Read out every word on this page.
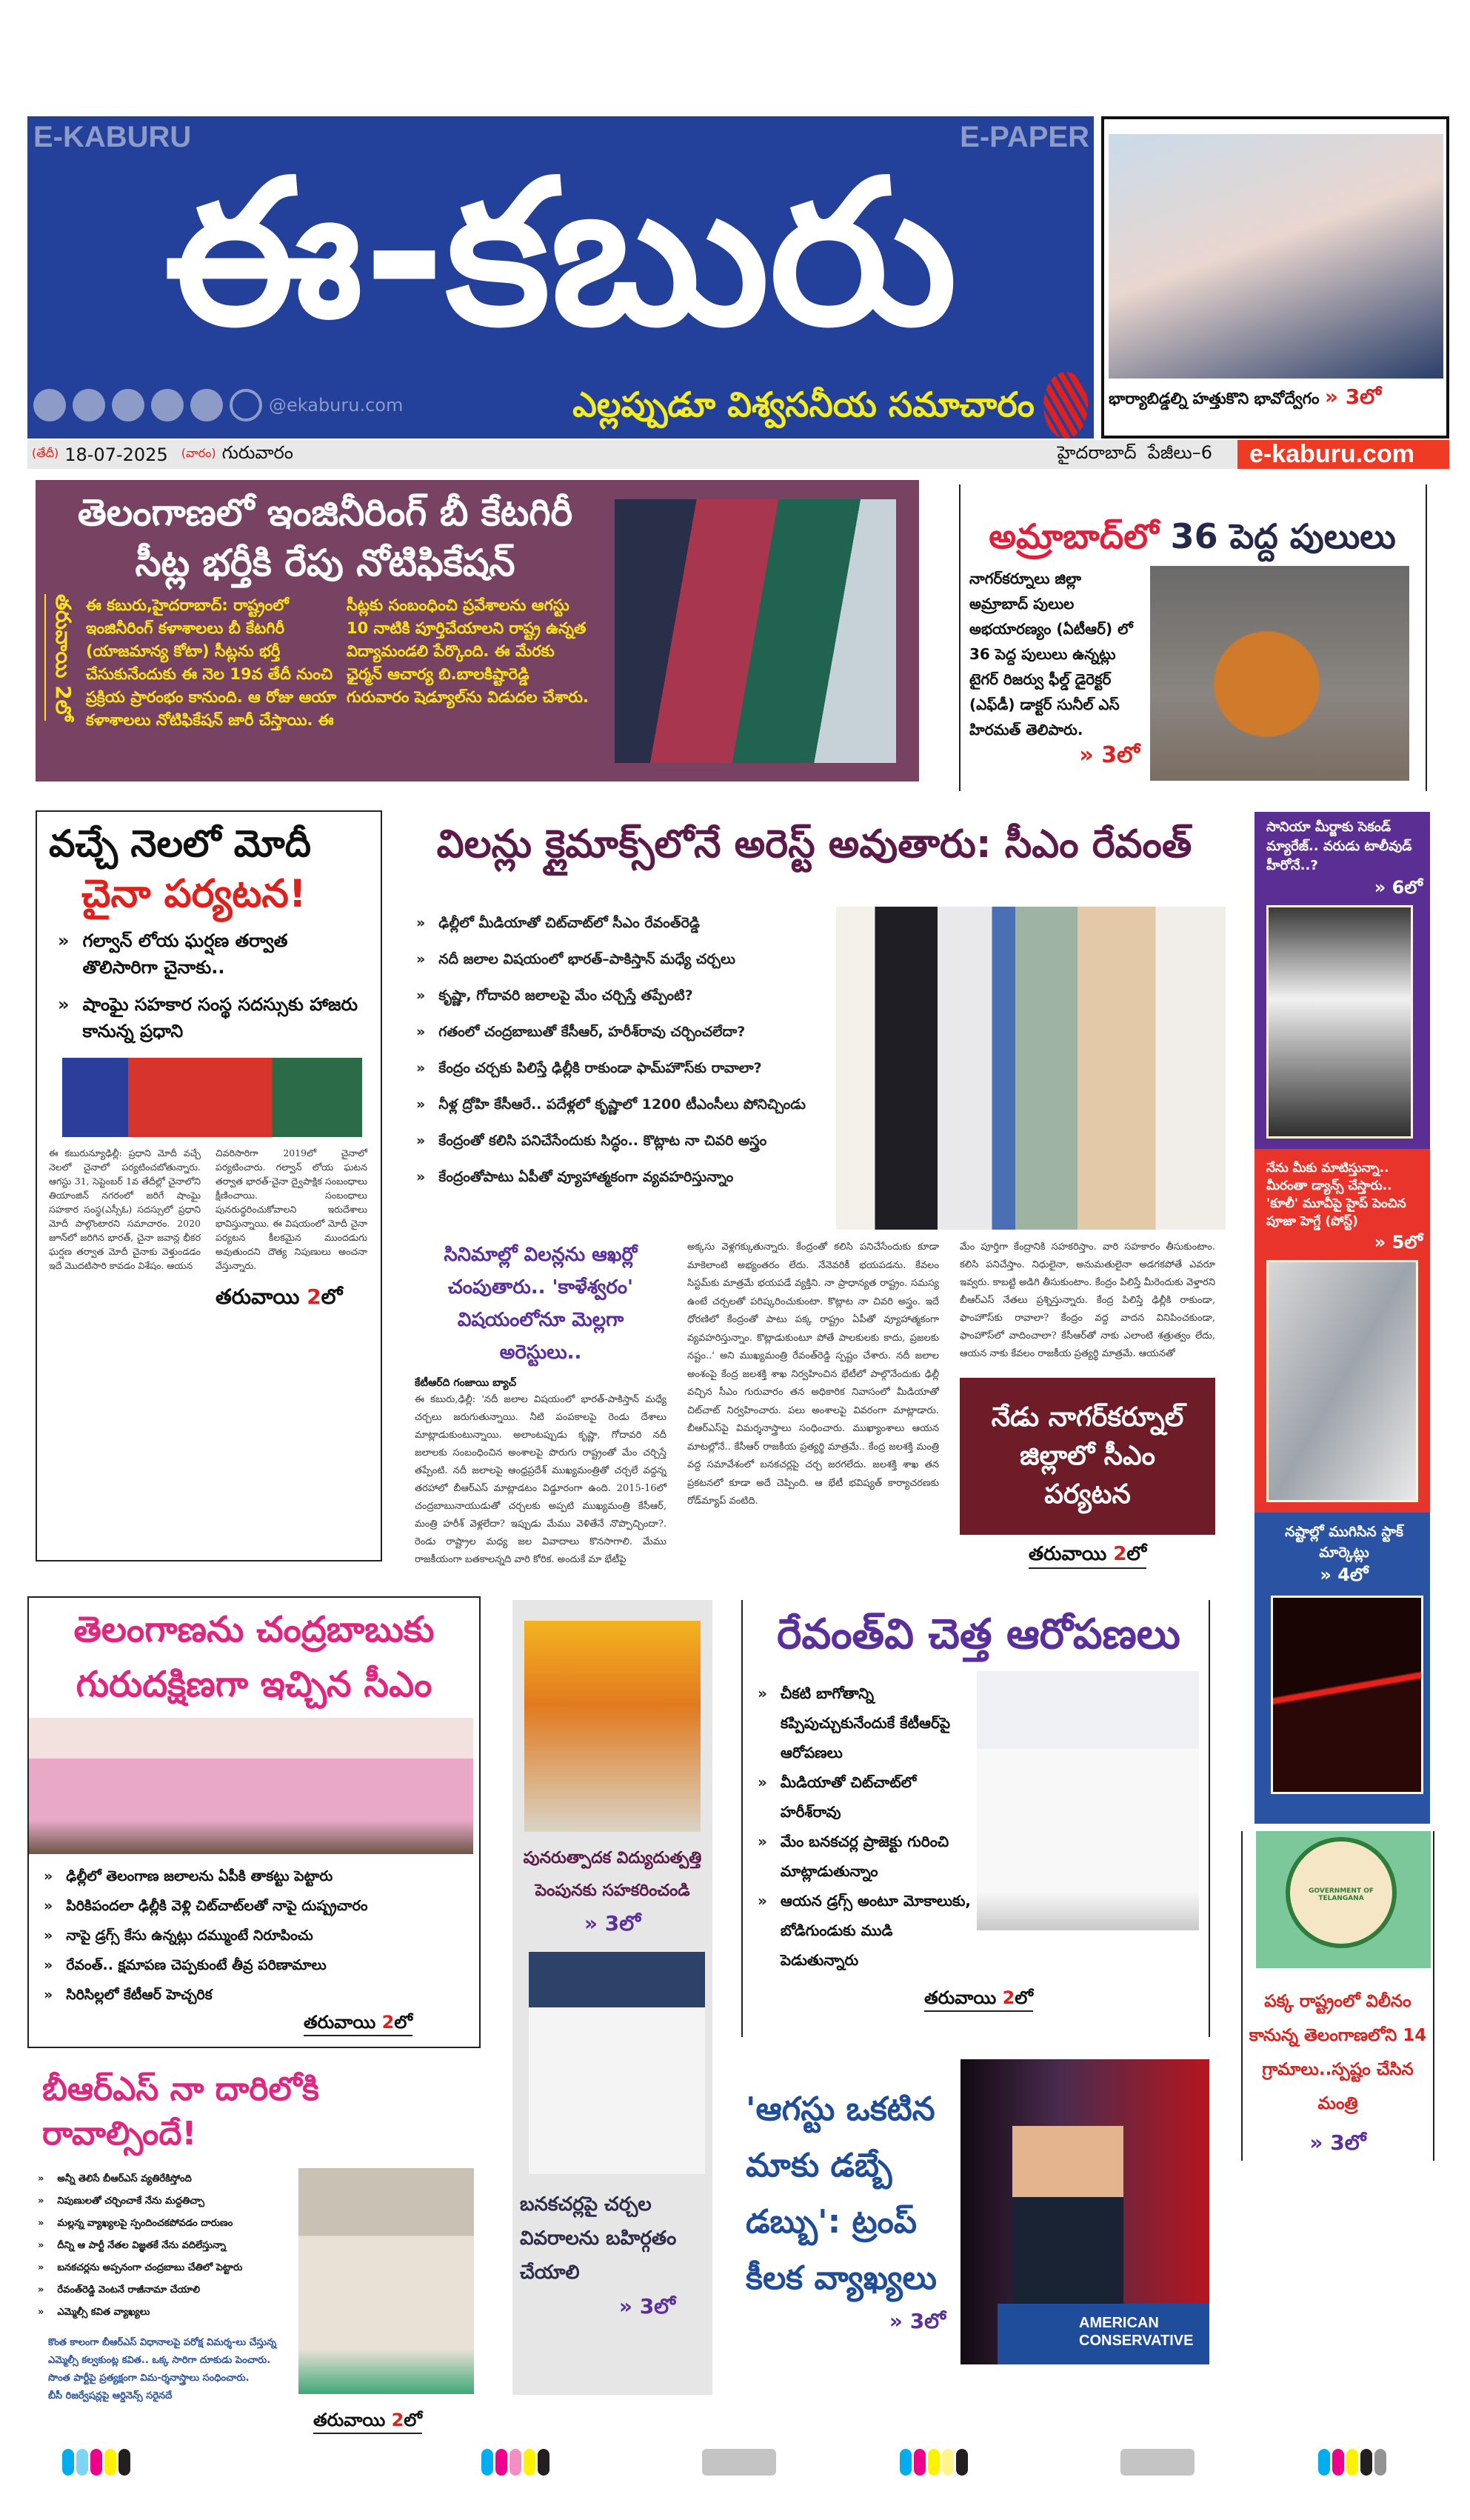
E-KABURU	E-PAPER
ఈ-కబురు
@ekaburu.com	ఎల్లప్పుడూ విశ్వసనీయ సమాచారం	భార్యాబిడ్డల్ని హత్తుకొని భావోద్వేగం » 3లో
(తేదీ) 18-07-2025 (వారం) గురువారం	హైదరాబాద్  పేజీలు–6	e-kaburu.com
తెలంగాణలో ఇంజినీరింగ్ బీ కేటగిరీ
సీట్ల భర్తీకి రేపు నోటిఫికేషన్
తరువాయి 2లో ఈ కబురు,హైదరాబాద్: రాష్ట్రంలో ఇంజినీరింగ్ కళాశాలలు బీ కేటగిరీ (యాజమాన్య కోటా) సీట్లను భర్తీ చేసుకునేందుకు ఈ నెల 19వ తేదీ నుంచి ప్రక్రియ ప్రారంభం కానుంది. ఆ రోజు ఆయా కళాశాలలు నోటిఫికేషన్ జారీ చేస్తాయి. ఈ
సీట్లకు సంబంధించి ప్రవేశాలను ఆగస్టు 10 నాటికి పూర్తిచేయాలని రాష్ట్ర ఉన్నత విద్యామండలి పేర్కొంది. ఈ మేరకు ఛైర్మన్ ఆచార్య బి.బాలకిష్టారెడ్డి గురువారం షెడ్యూల్‌ను విడుదల చేశారు.
అమ్రాబాద్‌లో 36 పెద్ద పులులు
నాగర్‌కర్నూలు జిల్లా అమ్రాబాద్ పులుల అభయారణ్యం (ఏటీఆర్) లో 36 పెద్ద పులులు ఉన్నట్లు టైగర్ రిజర్వు ఫీల్డ్ డైరెక్టర్ (ఎఫ్‌డీ) డాక్టర్ సునీల్ ఎస్ హిరమత్ తెలిపారు.
» 3లో
వచ్చే నెలలో మోదీ
చైనా పర్యటన!
» గల్వాన్ లోయ ఘర్షణ తర్వాత తొలిసారిగా చైనాకు..
» షాంఘై సహకార సంస్థ సదస్సుకు హాజరు కానున్న ప్రధాని
ఈ కబురున్యూఢిల్లీ: ప్రధాని మోదీ వచ్చే నెలలో చైనాలో పర్యటించబోతున్నారు. ఆగస్టు 31, సెప్టెంబర్ 1వ తేదీల్లో చైనాలోని తియాంజిన్ నగరంలో జరిగే షాంఘై సహకార సంస్థ(ఎస్సీఓ) సదస్సులో ప్రధాని మోదీ పాల్గొంటారని సమాచారం. 2020 జూన్‌లో జరిగిన భారత్, చైనా జవాన్ల భీకర ఘర్షణ తర్వాత మోదీ చైనాకు వెళ్తుండడం ఇదే మొదటిసారి కావడం విశేషం. ఆయన
చివరిసారిగా 2019లో చైనాలో పర్యటించారు. గల్వాన్ లోయ ఘటన తర్వాత భారత్-చైనా ద్వైపాక్షిక సంబంధాలు క్షీణించాయి. సంబంధాలు పునరుద్ధరించుకోవాలని ఇరుదేశాలు భావిస్తున్నాయి. ఈ విషయంలో మోదీ చైనా పర్యటన కీలకమైన ముందడుగు అవుతుందని దౌత్య నిపుణులు అంచనా వేస్తున్నారు.
తరువాయి 2లో
విలన్లు క్లైమాక్స్‌లోనే అరెస్ట్ అవుతారు: సీఎం రేవంత్
» ఢిల్లీలో మీడియాతో చిట్‌చాట్‌లో సీఎం రేవంత్‌రెడ్డి
» నదీ జలాల విషయంలో భారత్–పాకిస్తాన్ మధ్యే చర్చలు
» కృష్ణా, గోదావరి జలాలపై మేం చర్చిస్తే తప్పేంటి?
» గతంలో చంద్రబాబుతో కేసీఆర్, హరీశ్‌రావు చర్చించలేదా?
» కేంద్రం చర్చకు పిలిస్తే ఢిల్లీకి రాకుండా ఫామ్‌హౌస్‌కు రావాలా?
» నీళ్ల ద్రోహి కేసీఆరే.. పదేళ్లలో కృష్ణాలో 1200 టీఎంసీలు పోనిచ్చిండు
» కేంద్రంతో కలిసి పనిచేసేందుకు సిద్ధం.. కొట్లాట నా చివరి అస్త్రం
» కేంద్రంతోపాటు ఏపీతో వ్యూహాత్మకంగా వ్యవహరిస్తున్నాం
సినిమాల్లో విలన్లను ఆఖర్లో చంపుతారు.. 'కాళేశ్వరం' విషయంలోనూ మెల్లగా అరెస్టులు..
కేటీఆర్‌ది గంజాయి బ్యాచ్
ఈ కబురు,ఢిల్లీ: 'నదీ జలాల విషయంలో భారత్-పాకిస్తాన్ మధ్యే చర్చలు జరుగుతున్నాయి. నీటి పంపకాలపై రెండు దేశాలు మాట్లాడుకుంటున్నాయి. అలాంటప్పుడు కృష్ణా, గోదావరి నదీ జలాలకు సంబంధించిన అంశాలపై పొరుగు రాష్ట్రంతో మేం చర్చిస్తే తప్పేంటి. నదీ జలాలపై ఆంధ్రప్రదేశ్ ముఖ్యమంత్రితో చర్చలే వద్దన్న తరహాలో బీఆర్ఎస్ మాట్లాడటం విడ్డూరంగా ఉంది. 2015-16లో చంద్రబాబునాయుడుతో చర్చలకు అప్పటి ముఖ్యమంత్రి కేసీఆర్, మంత్రి హరీశ్ వెళ్లలేదా? ఇప్పుడు మేము వెళితేనే నొప్పొచ్చిందా?. రెండు రాష్ట్రాల మధ్య జల వివాదాలు కొనసాగాలి. మేము రాజకీయంగా బతకాలన్నది వారి కోరిక. అందుకే మా భేటీపై
అక్కసు వెళ్లగక్కుతున్నారు. కేంద్రంతో కలిసి పనిచేసేందుకు కూడా మాకెలాంటి అభ్యంతరం లేదు. నేనెవరికీ భయపడను. కేవలం సిస్టమ్‌కు మాత్రమే భయపడే వ్యక్తిని. నా ప్రాధాన్యత రాష్ట్రం. సమస్య ఉంటే చర్చలతో పరిష్కరించుకుంటా. కొట్లాట నా చివరి అస్త్రం. ఇదే ధోరణిలో కేంద్రంతో పాటు పక్క రాష్ట్రం ఏపీతో వ్యూహాత్మకంగా వ్యవహరిస్తున్నాం. కొట్లాడుకుంటూ పోతే పాలకులకు కాదు, ప్రజలకు నష్టం..' అని ముఖ్యమంత్రి రేవంత్‌రెడ్డి స్పష్టం చేశారు. నదీ జలాల అంశంపై కేంద్ర జలశక్తి శాఖ నిర్వహించిన భేటీలో పాల్గొనేందుకు ఢిల్లీ వచ్చిన సీఎం గురువారం తన అధికారిక నివాసంలో మీడియాతో చిట్‌చాట్ నిర్వహించారు. పలు అంశాలపై వివరంగా మాట్లాడారు. బీఆర్ఎస్‌పై విమర్శనాస్త్రాలు సంధించారు. ముఖ్యాంశాలు ఆయన మాటల్లోనే.. కేసీఆర్ రాజకీయ ప్రత్యర్థి మాత్రమే.. కేంద్ర జలశక్తి మంత్రి వద్ద సమావేశంలో బనకచర్లపై చర్చ జరగలేదు. జలశక్తి శాఖ తన ప్రకటనలో కూడా అదే చెప్పింది. ఆ భేటీ భవిష్యత్ కార్యాచరణకు రోడ్‌మ్యాప్ వంటిది.
మేం పూర్తిగా కేంద్రానికి సహకరిస్తాం. వారి సహకారం తీసుకుంటాం. కలిసి పనిచేస్తాం. నిధులైనా, అనుమతులైనా అడగకపోతే ఎవరూ ఇవ్వరు. కాబట్టి అడిగి తీసుకుంటాం. కేంద్రం పిలిస్తే మీరెందుకు వెళ్తారని బీఆర్ఎస్ నేతలు ప్రశ్నిస్తున్నారు. కేంద్ర పిలిస్తే ఢిల్లీకి రాకుండా, ఫాంహౌస్‌కు రావాలా? కేంద్రం వద్ద వాదన వినిపించకుండా, ఫాంహౌస్‌లో వాదించాలా? కేసీఆర్‌తో నాకు ఎలాంటి శత్రుత్వం లేదు, ఆయన నాకు కేవలం రాజకీయ ప్రత్యర్థి మాత్రమే. ఆయనతో
నేడు నాగర్‌కర్నూల్ జిల్లాలో సీఎం పర్యటన
తరువాయి 2లో
తెలంగాణను చంద్రబాబుకు
గురుదక్షిణగా ఇచ్చిన సీఎం
» ఢిల్లీలో తెలంగాణ జలాలను ఏపీకి తాకట్టు పెట్టారు
» పిరికిపందలా ఢిల్లీకి వెళ్లి చిట్‌చాట్‌లతో నాపై దుష్ప్రచారం
» నాపై డ్రగ్స్ కేసు ఉన్నట్లు దమ్ముంటే నిరూపించు
» రేవంత్.. క్షమాపణ చెప్పకుంటే తీవ్ర పరిణామాలు
» సిరిసిల్లలో కేటీఆర్ హెచ్చరిక
తరువాయి 2లో
బీఆర్ఎస్ నా దారిలోకి రావాల్సిందే!
» అన్నీ తెలిసే బీఆర్ఎస్ వ్యతిరేకిస్తోంది
» నిపుణులతో చర్చించాకే నేను మద్దతిచ్చా
» మల్లన్న వ్యాఖ్యలపై స్పందించకపోవడం దారుణం
» దీన్ని ఆ పార్టీ నేతల విజ్ఞతకే నేను వదిలేస్తున్నా
» బనకచర్లను అప్పనంగా చంద్రబాబు చేతిలో పెట్టారు
» రేవంత్‌రెడ్డి వెంటనే రాజీనామా చేయాలి
» ఎమ్మెల్సీ కవిత వ్యాఖ్యలు
కొంత కాలంగా బీఆర్ఎస్ విధానాలపై పరోక్ష విమర్శ-లు చేస్తున్న ఎమ్మెల్సీ కల్వకుంట్ల కవిత.. ఒక్క సారిగా దూకుడు పెంచారు. సొంత పార్టీపై ప్రత్యక్షంగా విమ-ర్శనాస్త్రాలు సంధించారు.
బీసీ రిజర్వేషన్లపై ఆర్డినెన్స్ సరైనదే
తరువాయి 2లో
పునరుత్పాదక విద్యుదుత్పత్తి పెంపునకు సహకరించండి
» 3లో
బనకచర్లపై చర్చల వివరాలను బహిర్గతం చేయాలి
» 3లో
రేవంత్‌వి చెత్త ఆరోపణలు
» చీకటి బాగోతాన్ని కప్పిపుచ్చుకునేందుకే కేటీఆర్‌పై ఆరోపణలు
» మీడియాతో చిట్‌చాట్‌లో హరీశ్‌రావు
» మేం బనకచర్ల ప్రాజెక్టు గురించి మాట్లాడుతున్నాం
» ఆయన డ్రగ్స్ అంటూ మోకాలుకు, బోడిగుండుకు ముడి పెడుతున్నారు
తరువాయి 2లో
'ఆగస్టు ఒకటిన మాకు డబ్బే డబ్బు': ట్రంప్ కీలక వ్యాఖ్యలు
» 3లో	AMERICAN CONSERVATIVE
సానియా మీర్జాకు సెకండ్ మ్యారేజ్.. వరుడు టాలీవుడ్ హీరోనే..?
» 6లో
నేను మీకు మాటిస్తున్నా.. మీరంతా డ్యాన్స్ చేస్తారు.. 'కూలీ' మూవీపై హైప్ పెంచిన పూజా హెగ్డే (పోస్ట్)
» 5లో
నష్టాల్లో ముగిసిన స్టాక్ మార్కెట్లు
» 4లో
GOVERNMENT OF TELANGANA
పక్క రాష్ట్రంలో విలీనం కానున్న తెలంగాణలోని 14 గ్రామాలు..స్పష్టం చేసిన మంత్రి
» 3లో
